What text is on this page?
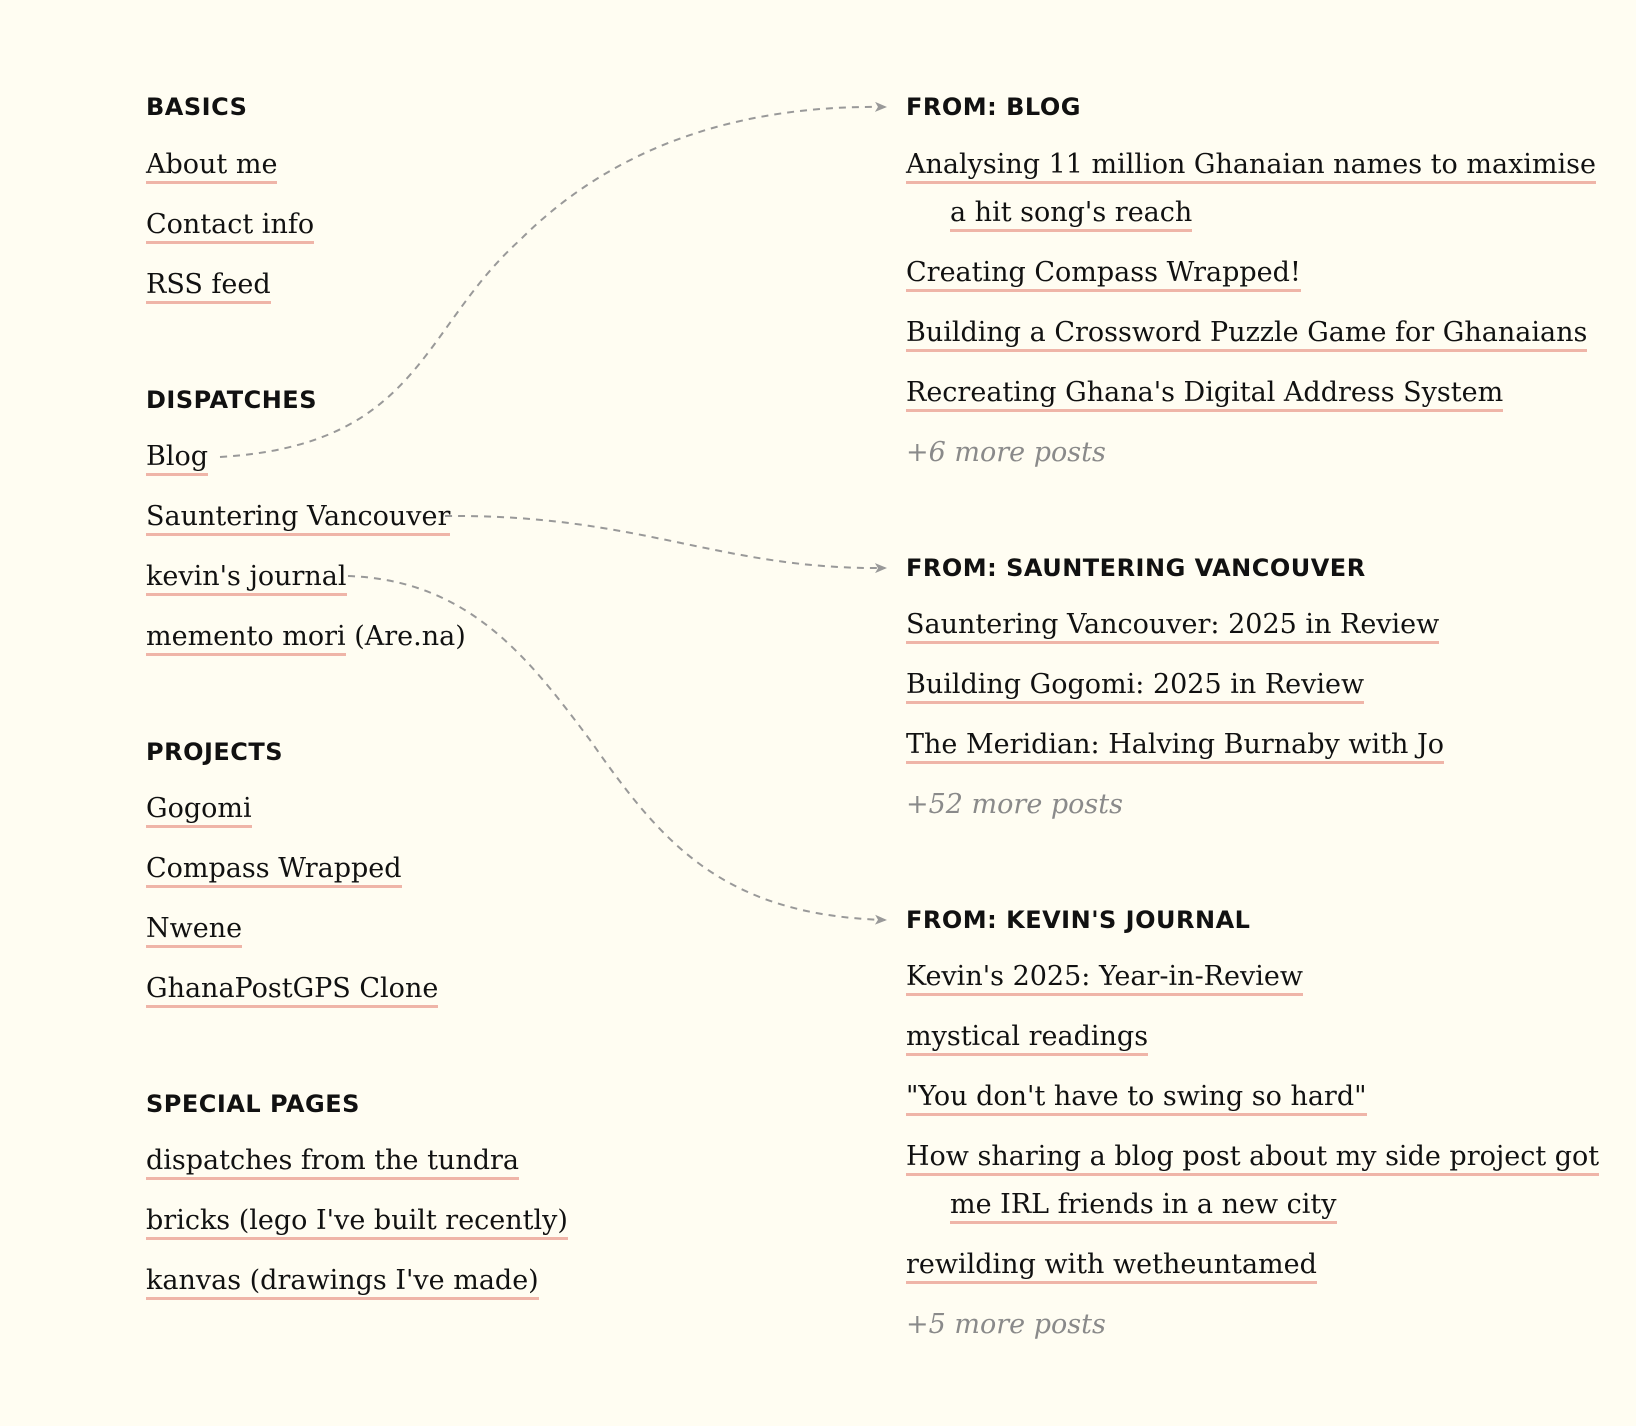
BASICS
About me
Contact info
RSS feed
DISPATCHES
Blog
Sauntering Vancouver
kevin's journal
memento mori (Are.na)
PROJECTS
Gogomi
Compass Wrapped
Nwene
GhanaPostGPS Clone
SPECIAL PAGES
dispatches from the tundra
bricks (lego I've built recently)
kanvas (drawings I've made)
FROM: BLOG
Analysing 11 million Ghanaian names to maximise a hit song's reach
Creating Compass Wrapped!
Building a Crossword Puzzle Game for Ghanaians
Recreating Ghana's Digital Address System
+6 more posts
FROM: SAUNTERING VANCOUVER
Sauntering Vancouver: 2025 in Review
Building Gogomi: 2025 in Review
The Meridian: Halving Burnaby with Jo
+52 more posts
FROM: KEVIN'S JOURNAL
Kevin's 2025: Year-in-Review
mystical readings
"You don't have to swing so hard"
How sharing a blog post about my side project got me IRL friends in a new city
rewilding with wetheuntamed
+5 more posts
